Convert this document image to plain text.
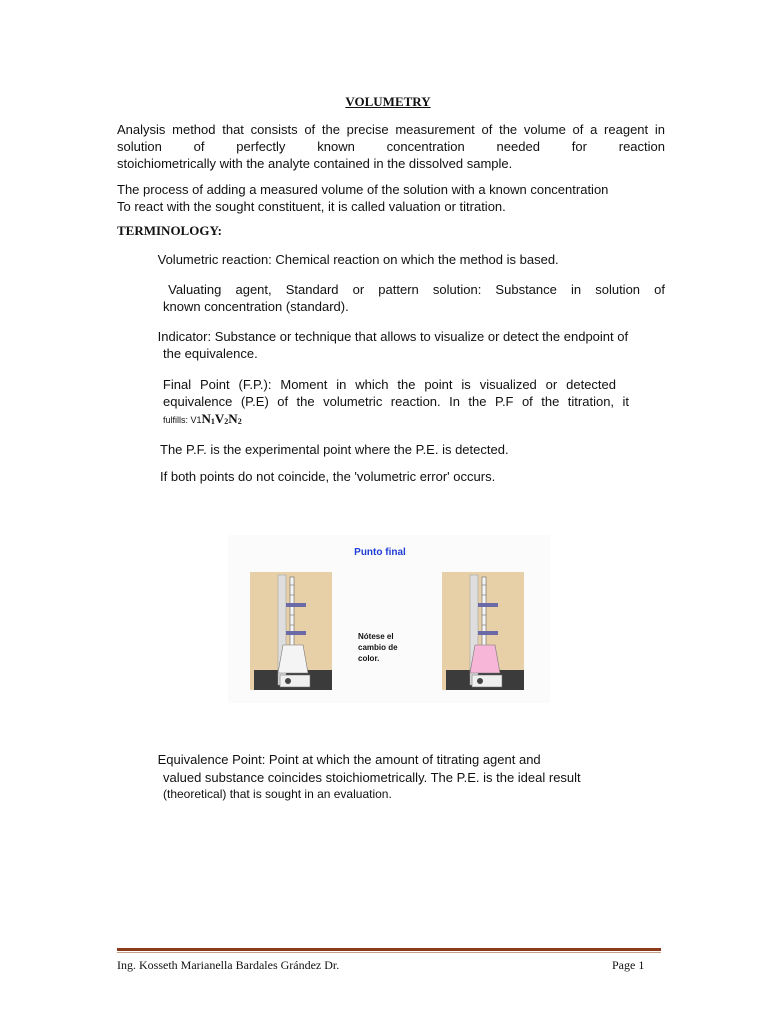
VOLUMETRY
Analysis method that consists of the precise measurement of the volume of a reagent in solution of perfectly known concentration needed for reaction
stoichiometrically with the analyte contained in the dissolved sample.
The process of adding a measured volume of the solution with a known concentration
To react with the sought constituent, it is called valuation or titration.
TERMINOLOGY:
Volumetric reaction: Chemical reaction on which the method is based.
Valuating agent, Standard or pattern solution: Substance in solution of
known concentration (standard).
Indicator: Substance or technique that allows to visualize or detect the endpoint of
the equivalence.
Final Point (F.P.): Moment in which the point is visualized or detected
equivalence (P.E) of the volumetric reaction. In the P.F of the titration, it
fulfills: $V1N_1V_2N_2$
The P.F. is the experimental point where the P.E. is detected.
If both points do not coincide, the 'volumetric error' occurs.
Punto final
Nótese el
cambio de
color.
Equivalence Point: Point at which the amount of titrating agent and
valued substance coincides stoichiometrically. The P.E. is the ideal result
(theoretical) that is sought in an evaluation.
Ing. Kosseth Marianella Bardales Grández Dr.	Page 1
